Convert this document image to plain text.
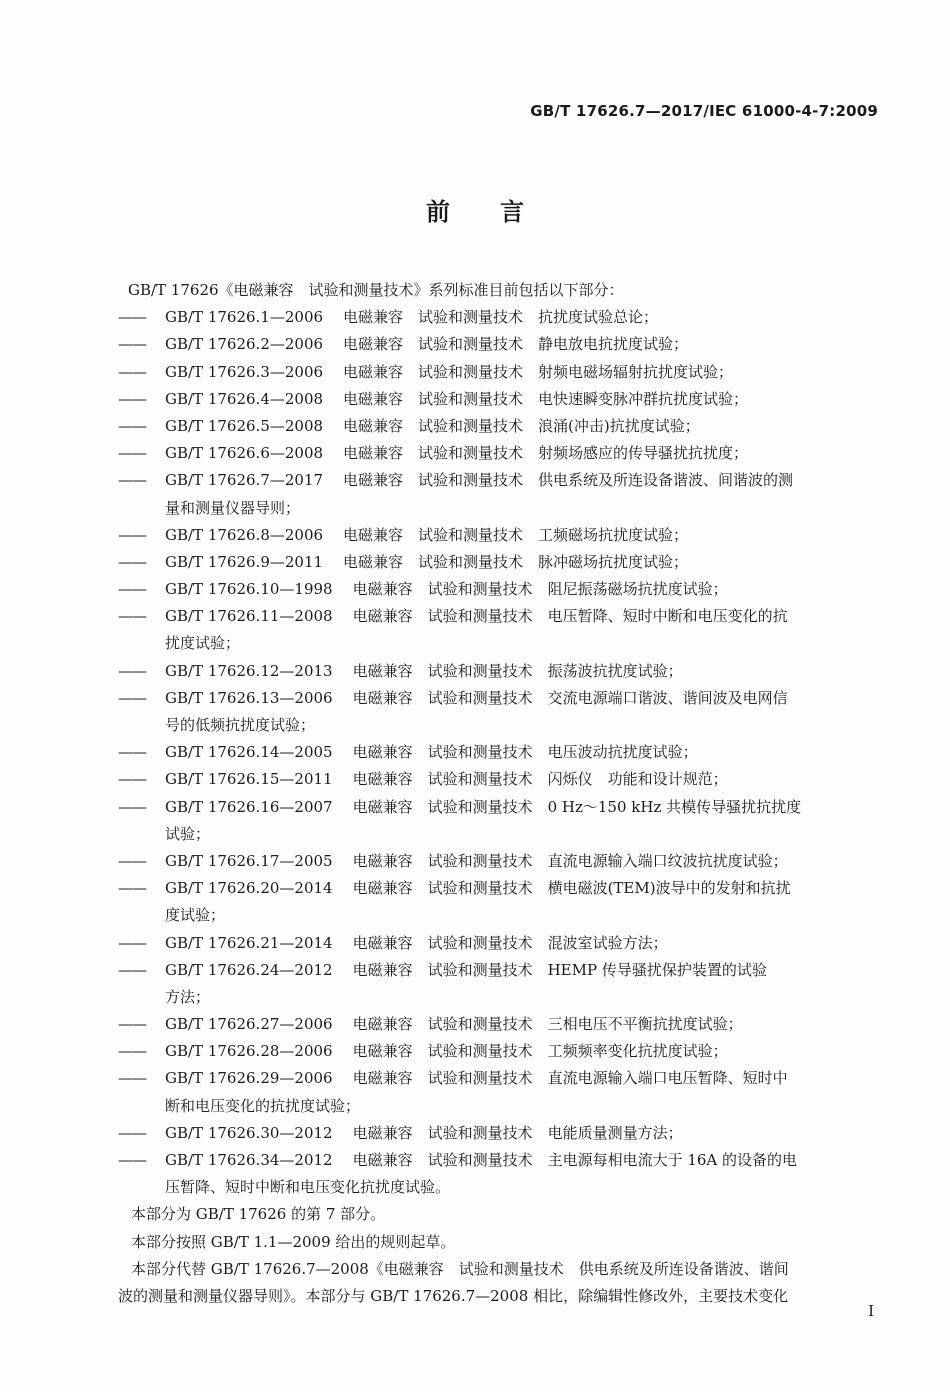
GB/T 17626.7—2017/IEC 61000-4-7:2009
前言
GB/T 17626《电磁兼容　试验和测量技术》系列标准目前包括以下部分：
——	GB/T 17626.1—2006 电磁兼容　试验和测量技术　抗扰度试验总论；
——	GB/T 17626.2—2006 电磁兼容　试验和测量技术　静电放电抗扰度试验；
——	GB/T 17626.3—2006 电磁兼容　试验和测量技术　射频电磁场辐射抗扰度试验；
——	GB/T 17626.4—2008 电磁兼容　试验和测量技术　电快速瞬变脉冲群抗扰度试验；
——	GB/T 17626.5—2008 电磁兼容　试验和测量技术　浪涌(冲击)抗扰度试验；
——	GB/T 17626.6—2008 电磁兼容　试验和测量技术　射频场感应的传导骚扰抗扰度；
——	GB/T 17626.7—2017 电磁兼容　试验和测量技术　供电系统及所连设备谐波、间谐波的测
量和测量仪器导则；
——	GB/T 17626.8—2006 电磁兼容　试验和测量技术　工频磁场抗扰度试验；
——	GB/T 17626.9—2011 电磁兼容　试验和测量技术　脉冲磁场抗扰度试验；
——	GB/T 17626.10—1998 电磁兼容　试验和测量技术　阻尼振荡磁场抗扰度试验；
——	GB/T 17626.11—2008 电磁兼容　试验和测量技术　电压暂降、短时中断和电压变化的抗
扰度试验；
——	GB/T 17626.12—2013 电磁兼容　试验和测量技术　振荡波抗扰度试验；
——	GB/T 17626.13—2006 电磁兼容　试验和测量技术　交流电源端口谐波、谐间波及电网信
号的低频抗扰度试验；
——	GB/T 17626.14—2005 电磁兼容　试验和测量技术　电压波动抗扰度试验；
——	GB/T 17626.15—2011 电磁兼容　试验和测量技术　闪烁仪　功能和设计规范；
——	GB/T 17626.16—2007 电磁兼容　试验和测量技术　0 Hz～150 kHz 共模传导骚扰抗扰度
试验；
——	GB/T 17626.17—2005 电磁兼容　试验和测量技术　直流电源输入端口纹波抗扰度试验；
——	GB/T 17626.20—2014 电磁兼容　试验和测量技术　横电磁波(TEM)波导中的发射和抗扰
度试验；
——	GB/T 17626.21—2014 电磁兼容　试验和测量技术　混波室试验方法；
——	GB/T 17626.24—2012 电磁兼容　试验和测量技术　HEMP 传导骚扰保护装置的试验
方法；
——	GB/T 17626.27—2006 电磁兼容　试验和测量技术　三相电压不平衡抗扰度试验；
——	GB/T 17626.28—2006 电磁兼容　试验和测量技术　工频频率变化抗扰度试验；
——	GB/T 17626.29—2006 电磁兼容　试验和测量技术　直流电源输入端口电压暂降、短时中
断和电压变化的抗扰度试验；
——	GB/T 17626.30—2012 电磁兼容　试验和测量技术　电能质量测量方法；
——	GB/T 17626.34—2012 电磁兼容　试验和测量技术　主电源每相电流大于 16A 的设备的电
压暂降、短时中断和电压变化抗扰度试验。
本部分为 GB/T 17626 的第 7 部分。
本部分按照 GB/T 1.1—2009 给出的规则起草。
本部分代替 GB/T 17626.7—2008《电磁兼容　试验和测量技术　供电系统及所连设备谐波、谐间
波的测量和测量仪器导则》。本部分与 GB/T 17626.7—2008 相比，除编辑性修改外，主要技术变化
I
